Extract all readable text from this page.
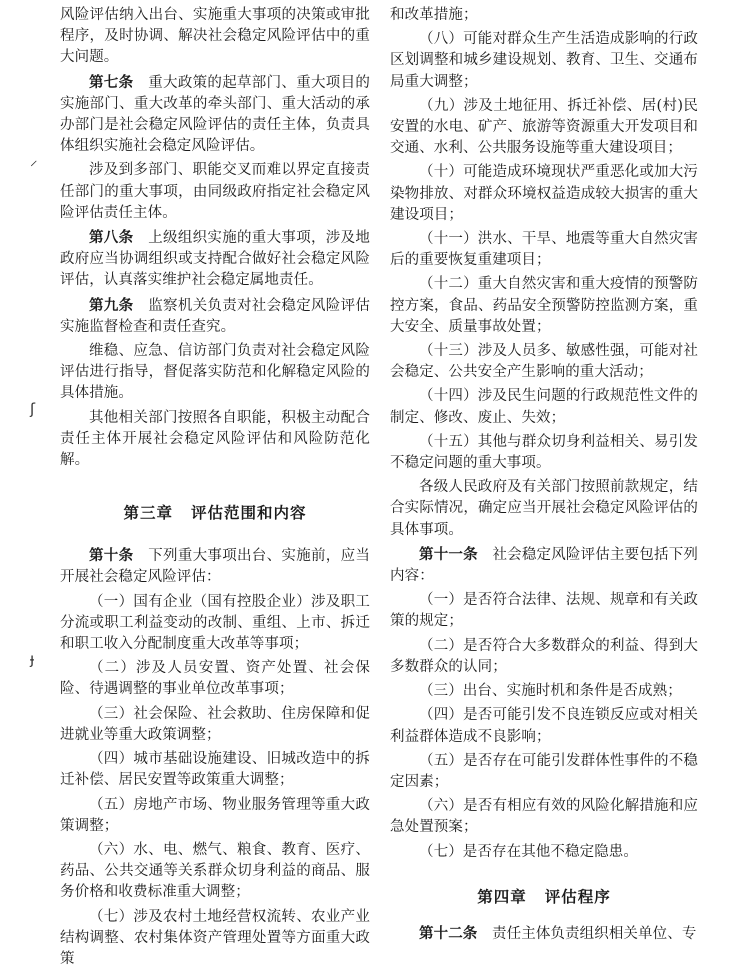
⸝
ʃ
ɟ

风险评估纳入出台、实施重大事项的决策或审批程序，及时协调、解决社会稳定风险评估中的重大问题。

第七条　 重大政策的起草部门、重大项目的实施部门、重大改革的牵头部门、重大活动的承办部门是社会稳定风险评估的责任主体，负责具体组织实施社会稳定风险评估。

涉及到多部门、职能交叉而难以界定直接责任部门的重大事项，由同级政府指定社会稳定风险评估责任主体。

第八条　 上级组织实施的重大事项，涉及地政府应当协调组织或支持配合做好社会稳定风险评估，认真落实维护社会稳定属地责任。

第九条　 监察机关负责对社会稳定风险评估实施监督检查和责任查究。

维稳、应急、信访部门负责对社会稳定风险评估进行指导，督促落实防范和化解稳定风险的具体措施。

其他相关部门按照各自职能，积极主动配合责任主体开展社会稳定风险评估和风险防范化解。

第三章 评估范围和内容

第十条　 下列重大事项出台、实施前，应当开展社会稳定风险评估：

（一）国有企业（国有控股企业）涉及职工分流或职工利益变动的改制、重组、上市、拆迁和职工收入分配制度重大改革等事项；

（二）涉及人员安置、资产处置、社会保险、待遇调整的事业单位改革事项；

（三）社会保险、社会救助、住房保障和促进就业等重大政策调整；

（四）城市基础设施建设、旧城改造中的拆迁补偿、居民安置等政策重大调整；

（五）房地产市场、物业服务管理等重大政策调整；

（六）水、电、燃气、粮食、教育、医疗、药品、公共交通等关系群众切身利益的商品、服务价格和收费标准重大调整；

（七）涉及农村土地经营权流转、农业产业结构调整、农村集体资产管理处置等方面重大政策

和改革措施；

（八）可能对群众生产生活造成影响的行政区划调整和城乡建设规划、教育、卫生、交通布局重大调整；

（九）涉及土地征用、拆迁补偿、居(村)民安置的水电、矿产、旅游等资源重大开发项目和交通、水利、公共服务设施等重大建设项目；

（十）可能造成环境现状严重恶化或加大污染物排放、对群众环境权益造成较大损害的重大建设项目；

（十一）洪水、干旱、地震等重大自然灾害后的重要恢复重建项目；

（十二）重大自然灾害和重大疫情的预警防控方案，食品、药品安全预警防控监测方案，重大安全、质量事故处置；

（十三）涉及人员多、敏感性强，可能对社会稳定、公共安全产生影响的重大活动；

（十四）涉及民生问题的行政规范性文件的制定、修改、废止、失效；

（十五）其他与群众切身利益相关、易引发不稳定问题的重大事项。

各级人民政府及有关部门按照前款规定，结合实际情况，确定应当开展社会稳定风险评估的具体事项。

第十一条　 社会稳定风险评估主要包括下列内容：

（一）是否符合法律、法规、规章和有关政策的规定；

（二）是否符合大多数群众的利益、得到大多数群众的认同；

（三）出台、实施时机和条件是否成熟；

（四）是否可能引发不良连锁反应或对相关利益群体造成不良影响；

（五）是否存在可能引发群体性事件的不稳定因素；

（六）是否有相应有效的风险化解措施和应急处置预案；

（七）是否存在其他不稳定隐患。

第四章 评估程序

第十二条　 责任主体负责组织相关单位、专
